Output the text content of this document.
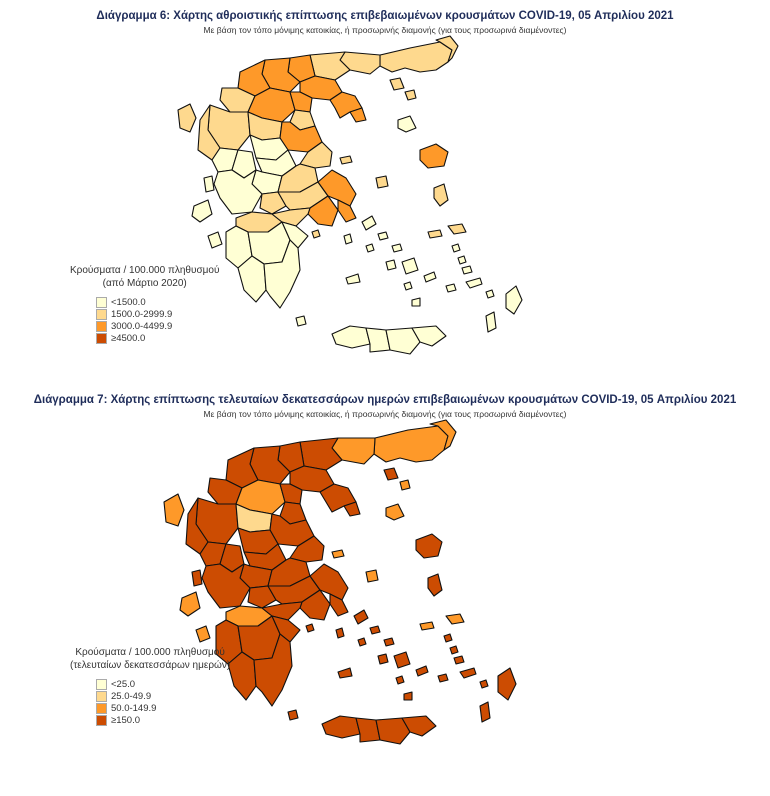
Διάγραμμα 6: Χάρτης αθροιστικής επίπτωσης επιβεβαιωμένων κρουσμάτων COVID-19, 05 Απριλίου 2021
Με βάση τον τόπο μόνιμης κατοικίας, ή προσωρινής διαμονής (για τους προσωρινά διαμένοντες)
Κρούσματα / 100.000 πληθυσμού
(από Μάρτιο 2020)
<1500.0
1500.0-2999.9
3000.0-4499.9
≥4500.0
Διάγραμμα 7: Χάρτης επίπτωσης τελευταίων δεκατεσσάρων ημερών επιβεβαιωμένων κρουσμάτων COVID-19, 05 Απριλίου 2021
Με βάση τον τόπο μόνιμης κατοικίας, ή προσωρινής διαμονής (για τους προσωρινά διαμένοντες)
Κρούσματα / 100.000 πληθυσμού
(τελευταίων δεκατεσσάρων ημερών)
<25.0
25.0-49.9
50.0-149.9
≥150.0
